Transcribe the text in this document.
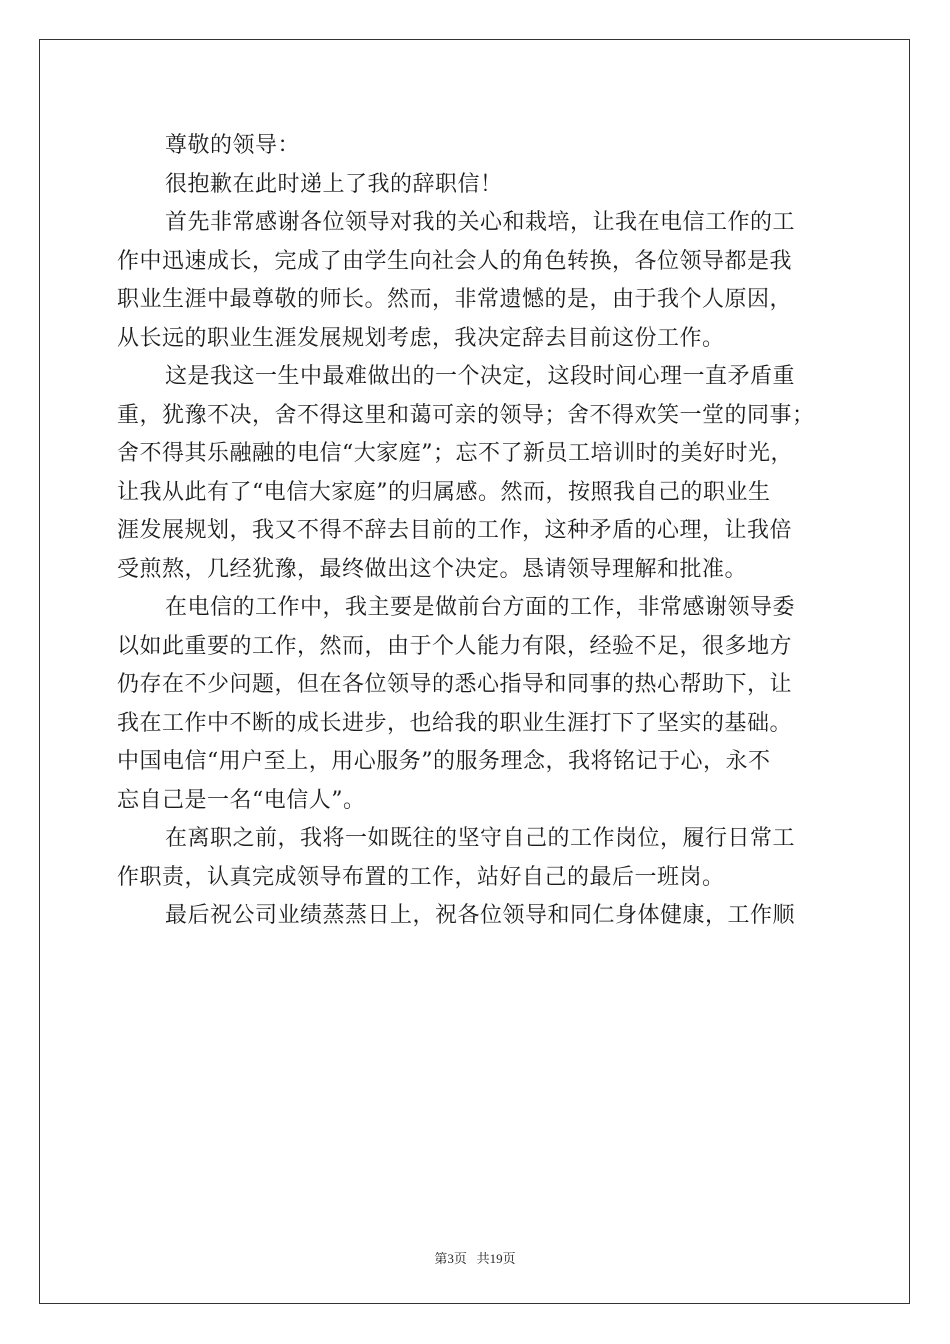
尊敬的领导：
很抱歉在此时递上了我的辞职信！
首先非常感谢各位领导对我的关心和栽培，让我在电信工作的工
作中迅速成长，完成了由学生向社会人的角色转换，各位领导都是我
职业生涯中最尊敬的师长。然而，非常遗憾的是，由于我个人原因，
从长远的职业生涯发展规划考虑，我决定辞去目前这份工作。
这是我这一生中最难做出的一个决定，这段时间心理一直矛盾重
重，犹豫不决，舍不得这里和蔼可亲的领导；舍不得欢笑一堂的同事；
舍不得其乐融融的电信“大家庭”；忘不了新员工培训时的美好时光，
让我从此有了“电信大家庭”的归属感。然而，按照我自己的职业生
涯发展规划，我又不得不辞去目前的工作，这种矛盾的心理，让我倍
受煎熬，几经犹豫，最终做出这个决定。恳请领导理解和批准。
在电信的工作中，我主要是做前台方面的工作，非常感谢领导委
以如此重要的工作，然而，由于个人能力有限，经验不足，很多地方
仍存在不少问题，但在各位领导的悉心指导和同事的热心帮助下，让
我在工作中不断的成长进步，也给我的职业生涯打下了坚实的基础。
中国电信“用户至上，用心服务”的服务理念，我将铭记于心，永不
忘自己是一名“电信人”。
在离职之前，我将一如既往的坚守自己的工作岗位，履行日常工
作职责，认真完成领导布置的工作，站好自己的最后一班岗。
最后祝公司业绩蒸蒸日上，祝各位领导和同仁身体健康，工作顺
第3页 共19页
